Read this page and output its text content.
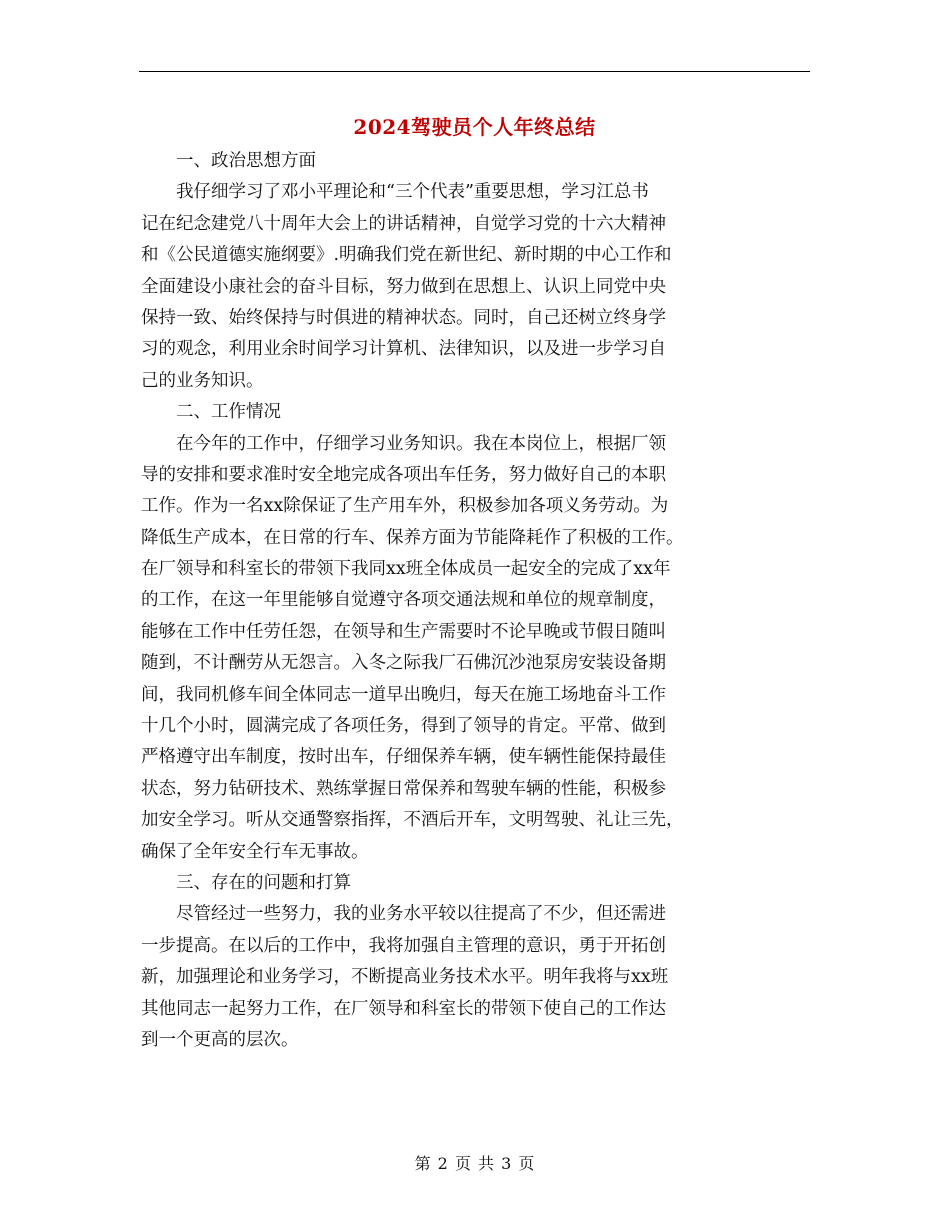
2024驾驶员个人年终总结
　　一、政治思想方面
　　我仔细学习了邓小平理论和“三个代表”重要思想，学习江总书
记在纪念建党八十周年大会上的讲话精神，自觉学习党的十六大精神
和《公民道德实施纲要》.明确我们党在新世纪、新时期的中心工作和
全面建设小康社会的奋斗目标，努力做到在思想上、认识上同党中央
保持一致、始终保持与时俱进的精神状态。同时，自己还树立终身学
习的观念，利用业余时间学习计算机、法律知识，以及进一步学习自
己的业务知识。
　　二、工作情况
　　在今年的工作中，仔细学习业务知识。我在本岗位上，根据厂领
导的安排和要求准时安全地完成各项出车任务，努力做好自己的本职
工作。作为一名xx除保证了生产用车外，积极参加各项义务劳动。为
降低生产成本，在日常的行车、保养方面为节能降耗作了积极的工作。
在厂领导和科室长的带领下我同xx班全体成员一起安全的完成了xx年
的工作，在这一年里能够自觉遵守各项交通法规和单位的规章制度，
能够在工作中任劳任怨，在领导和生产需要时不论早晚或节假日随叫
随到，不计酬劳从无怨言。入冬之际我厂石佛沉沙池泵房安装设备期
间，我同机修车间全体同志一道早出晚归，每天在施工场地奋斗工作
十几个小时，圆满完成了各项任务，得到了领导的肯定。平常、做到
严格遵守出车制度，按时出车，仔细保养车辆，使车辆性能保持最佳
状态，努力钻研技术、熟练掌握日常保养和驾驶车辆的性能，积极参
加安全学习。听从交通警察指挥，不酒后开车，文明驾驶、礼让三先，
确保了全年安全行车无事故。
　　三、存在的问题和打算
　　尽管经过一些努力，我的业务水平较以往提高了不少，但还需进
一步提高。在以后的工作中，我将加强自主管理的意识，勇于开拓创
新，加强理论和业务学习，不断提高业务技术水平。明年我将与xx班
其他同志一起努力工作，在厂领导和科室长的带领下使自己的工作达
到一个更高的层次。
第 2 页 共 3 页
